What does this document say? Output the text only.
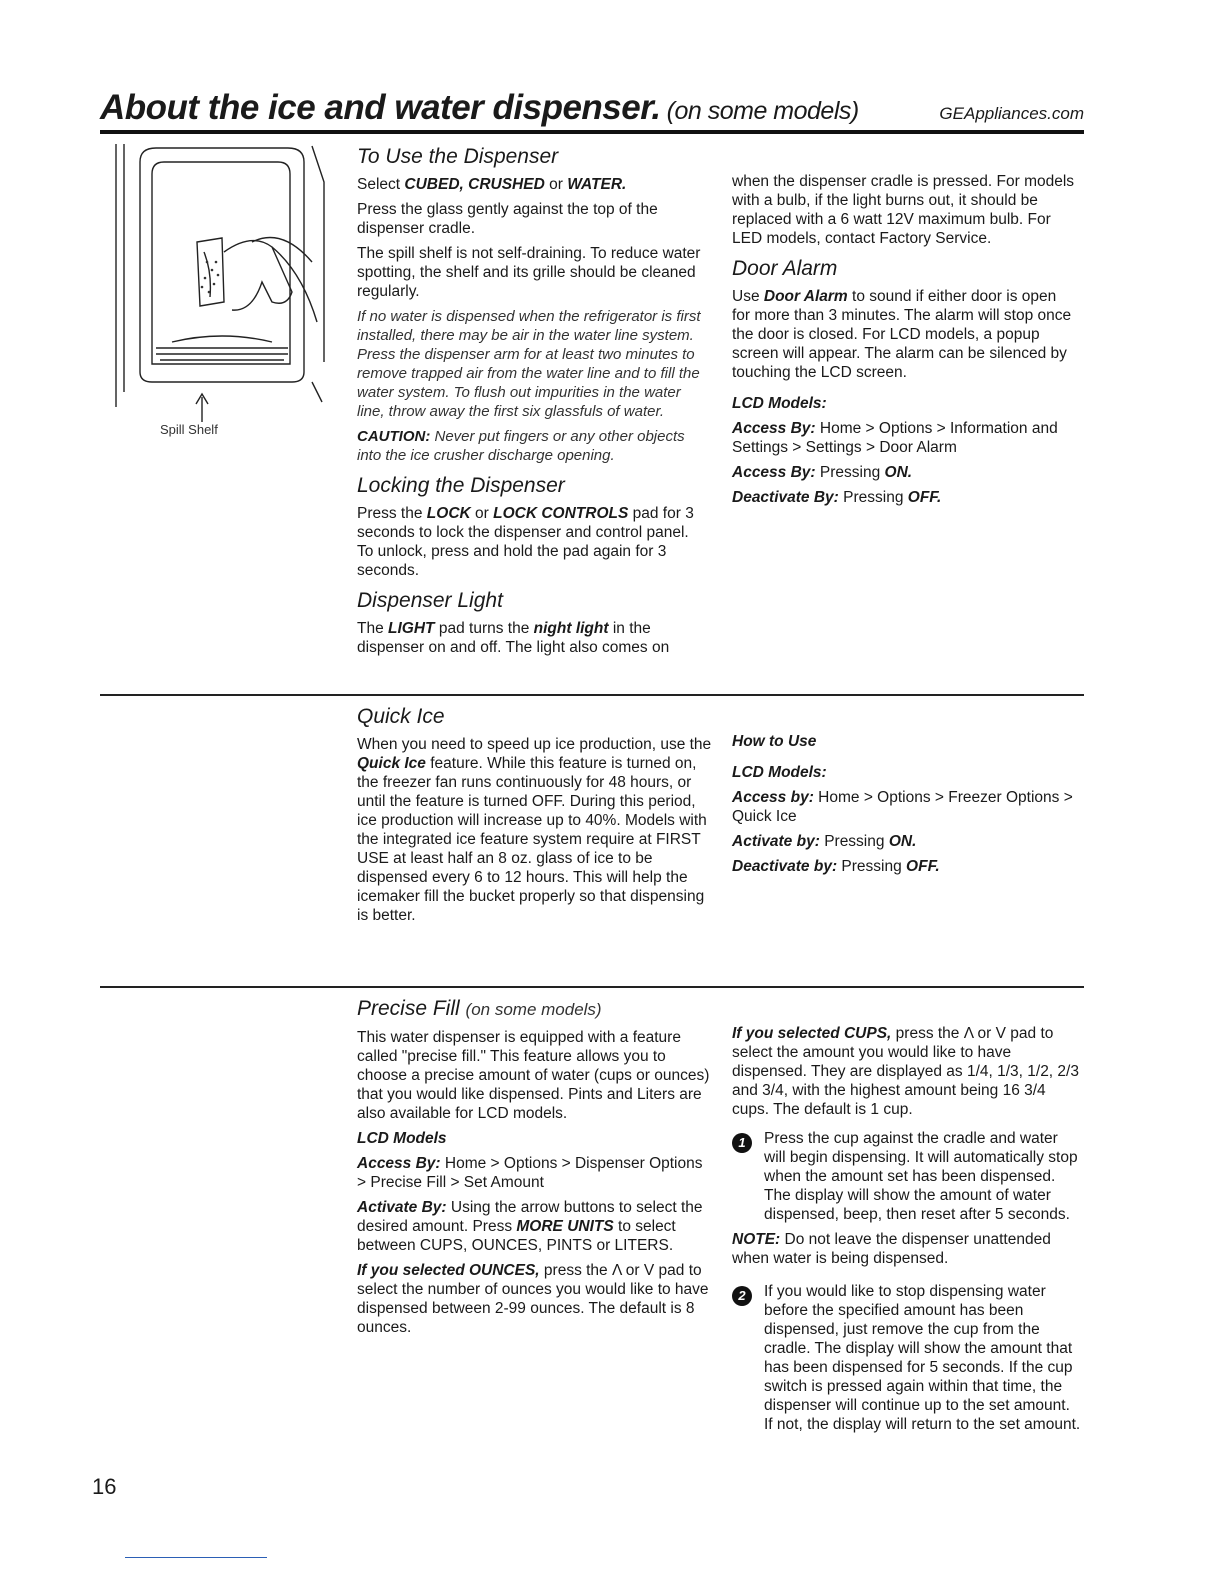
About the ice and water dispenser. (on some models)	GEAppliances.com
Spill Shelf
To Use the Dispenser

Select CUBED, CRUSHED or WATER.

Press the glass gently against the top of the dispenser cradle.

The spill shelf is not self-draining. To reduce water spotting, the shelf and its grille should be cleaned regularly.

If no water is dispensed when the refrigerator is first installed, there may be air in the water line system. Press the dispenser arm for at least two minutes to remove trapped air from the water line and to fill the water system. To flush out impurities in the water line, throw away the first six glassfuls of water.

CAUTION: Never put fingers or any other objects into the ice crusher discharge opening.

Locking the Dispenser

Press the LOCK or LOCK CONTROLS pad for 3 seconds to lock the dispenser and control panel. To unlock, press and hold the pad again for 3 seconds.

Dispenser Light

The LIGHT pad turns the night light in the dispenser on and off. The light also comes on

when the dispenser cradle is pressed. For models with a bulb, if the light burns out, it should be replaced with a 6 watt 12V maximum bulb. For LED models, contact Factory Service.

Door Alarm

Use Door Alarm to sound if either door is open for more than 3 minutes. The alarm will stop once the door is closed. For LCD models, a popup screen will appear. The alarm can be silenced by touching the LCD screen.

LCD Models:

Access By: Home > Options > Information and Settings > Settings > Door Alarm

Access By: Pressing ON.

Deactivate By: Pressing OFF.

Quick Ice

When you need to speed up ice production, use the Quick Ice feature. While this feature is turned on, the freezer fan runs continuously for 48 hours, or until the feature is turned OFF. During this period, ice production will increase up to 40%. Models with the integrated ice feature system require at FIRST USE at least half an 8 oz. glass of ice to be dispensed every 6 to 12 hours. This will help the icemaker fill the bucket properly so that dispensing is better.

How to Use

LCD Models:

Access by: Home > Options > Freezer Options > Quick Ice

Activate by: Pressing ON.

Deactivate by: Pressing OFF.

Precise Fill (on some models)

This water dispenser is equipped with a feature called "precise fill." This feature allows you to choose a precise amount of water (cups or ounces) that you would like dispensed. Pints and Liters are also available for LCD models.

LCD Models

Access By: Home > Options > Dispenser Options > Precise Fill > Set Amount

Activate By: Using the arrow buttons to select the desired amount. Press MORE UNITS to select between CUPS, OUNCES, PINTS or LITERS.

If you selected OUNCES, press the Λ or V pad to select the number of ounces you would like to have dispensed between 2-99 ounces. The default is 8 ounces.

If you selected CUPS, press the Λ or V pad to select the amount you would like to have dispensed. They are displayed as 1/4, 1/3, 1/2, 2/3 and 3/4, with the highest amount being 16 3/4 cups. The default is 1 cup.

1	Press the cup against the cradle and water will begin dispensing. It will automatically stop when the amount set has been dispensed. The display will show the amount of water dispensed, beep, then reset after 5 seconds.

NOTE: Do not leave the dispenser unattended when water is being dispensed.

2	If you would like to stop dispensing water before the specified amount has been dispensed, just remove the cup from the cradle. The display will show the amount that has been dispensed for 5 seconds. If the cup switch is pressed again within that time, the dispenser will continue up to the set amount. If not, the display will return to the set amount.
16
